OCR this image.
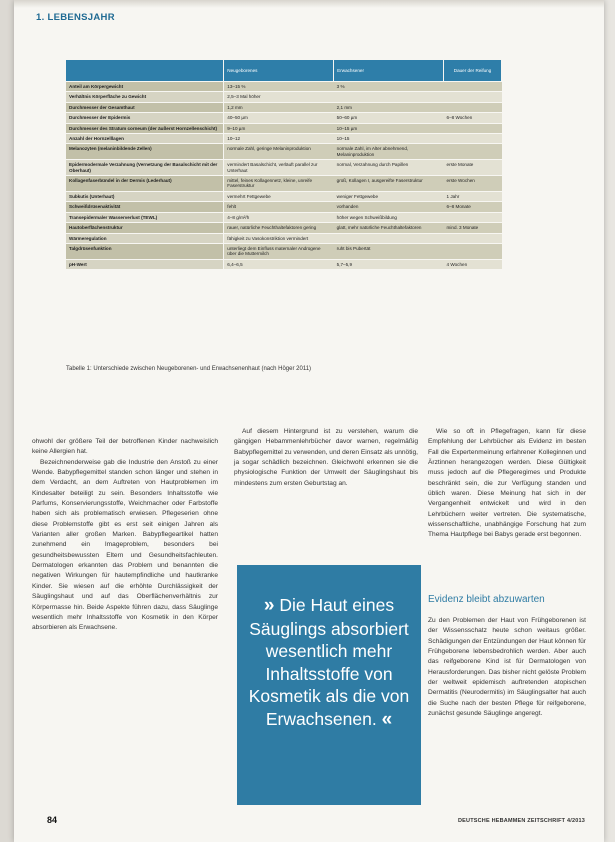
1. LEBENSJAHR
	Neugeborenes	Erwachsener	Dauer der Reifung
Anteil am Körpergewicht	13–15 %	3 %	
Verhältnis Körperfläche zu Gewicht	2,5–3 Mal höher		
Durchmesser der Gesamthaut	1,2 mm	2,1 mm	
Durchmesser der Epidermis	40–50 µm	50–60 µm	6–8 Wochen
Durchmesser des Stratum corneum (der äußerst Hornzellenschicht)	9–10 µm	10–15 µm	
Anzahl der Hornzelllagen	10–12	10–15	
Melanozyten (melaninbildende Zellen)	normale Zahl, geringe Melaninproduktion	normale Zahl, im Alter abnehmend, Melaninproduktion	
Epidermodermale Verzahnung (Vernetzung der Basalschicht mit der Oberhaut)	vermindert Basalschicht, verläuft parallel zur Unterhaut	normal, Verzahnung durch Papillen	erste Monate
Kollagenfaserbündel in der Dermis (Lederhaut)	mittel, feines Kollagennetz, kleine, unreife Faserstruktur	groß, Kollagen I, ausgereifte Faserstruktur	erste Wochen
Subkutis (Unterhaut)	vermehrt Fettgewebe	weniger Fettgewebe	1 Jahr
Schweißdrüsenaktivität	fehlt	vorhanden	6–8 Monate
Transepidermaler Wasserverlust (TEWL)	4–8 g/m²/h	höher wegen Schweißbildung	
Hautoberflächenstruktur	rauer, natürliche Feuchthaltefaktoren gering	glatt, mehr natürliche Feuchthaltefaktoren	mind. 3 Monate
Wärmeregulation	fähigkeit zu Vasokonstriktion vermindert		
Talgdrüsenfunktion	unterliegt dem Einfluss maternaler Androgene über die Muttermilch	ruht bis Pubertät	
pH-Wert	6,4–6,5	5,7–5,9	4 Wochen
Tabelle 1: Unterschiede zwischen Neugeborenen- und Erwachsenenhaut (nach Höger 2011)

ohwohl der größere Teil der betroffenen Kinder nachweislich keine Allergien hat.

Bezeichnenderweise gab die Industrie den Anstoß zu einer Wende. Babypflegemittel standen schon länger und stehen in dem Verdacht, an dem Auftreten von Hautproblemen im Kindesalter beteiligt zu sein. Besonders Inhaltsstoffe wie Parfums, Konservierungsstoffe, Weichmacher oder Farbstoffe haben sich als problematisch erwiesen. Pflegeserien ohne diese Problemstoffe gibt es erst seit einigen Jahren als Varianten aller großen Marken. Babypflegeartikel hatten zunehmend ein Imageproblem, besonders bei gesundheitsbewussten Eltern und Gesundheitsfachleuten. Dermatologen erkannten das Problem und benannten die negativen Wirkungen für hautempfindliche und hautkranke Kinder. Sie wiesen auf die erhöhte Durchlässigkeit der Säuglingshaut und auf das Oberflächenverhältnis zur Körpermasse hin. Beide Aspekte führen dazu, dass Säuglinge wesentlich mehr Inhaltsstoffe von Kosmetik in den Körper absorbieren als Erwachsene.

Auf diesem Hintergrund ist zu verstehen, warum die gängigen Hebammenlehrbücher davor warnen, regelmäßig Babypflegemittel zu verwenden, und deren Einsatz als unnötig, ja sogar schädlich bezeichnen. Gleichwohl erkennen sie die physiologische Funktion der Umwelt der Säuglingshaut bis mindestens zum ersten Geburtstag an.

» Die Haut eines Säuglings absorbiert wesentlich mehr Inhaltsstoffe von Kosmetik als die von Erwachsenen. «

Wie so oft in Pflegefragen, kann für diese Empfehlung der Lehrbücher als Evidenz im besten Fall die Expertenmeinung erfahrener Kolleginnen und Ärztinnen herangezogen werden. Diese Gültigkeit muss jedoch auf die Pflegeregimes und Produkte beschränkt sein, die zur Verfügung standen und üblich waren. Diese Meinung hat sich in der Vergangenheit entwickelt und wird in den Lehrbüchern weiter vertreten. Die systematische, wissenschaftliche, unabhängige Forschung hat zum Thema Hautpflege bei Babys gerade erst begonnen.

Evidenz bleibt abzuwarten

Zu den Problemen der Haut von Frühgeborenen ist der Wissensschatz heute schon weitaus größer. Schädigungen der Entzündungen der Haut können für Frühgeborene lebensbedrohlich werden. Aber auch das reifgeborene Kind ist für Dermatologen von Herausforderungen. Das bisher nicht gelöste Problem der weltweit epidemisch auftretenden atopischen Dermatitis (Neurodermitis) im Säuglingsalter hat auch die Suche nach der besten Pflege für reifgeborene, zunächst gesunde Säuglinge angeregt.

84	DEUTSCHE HEBAMMEN ZEITSCHRIFT 4/2013
